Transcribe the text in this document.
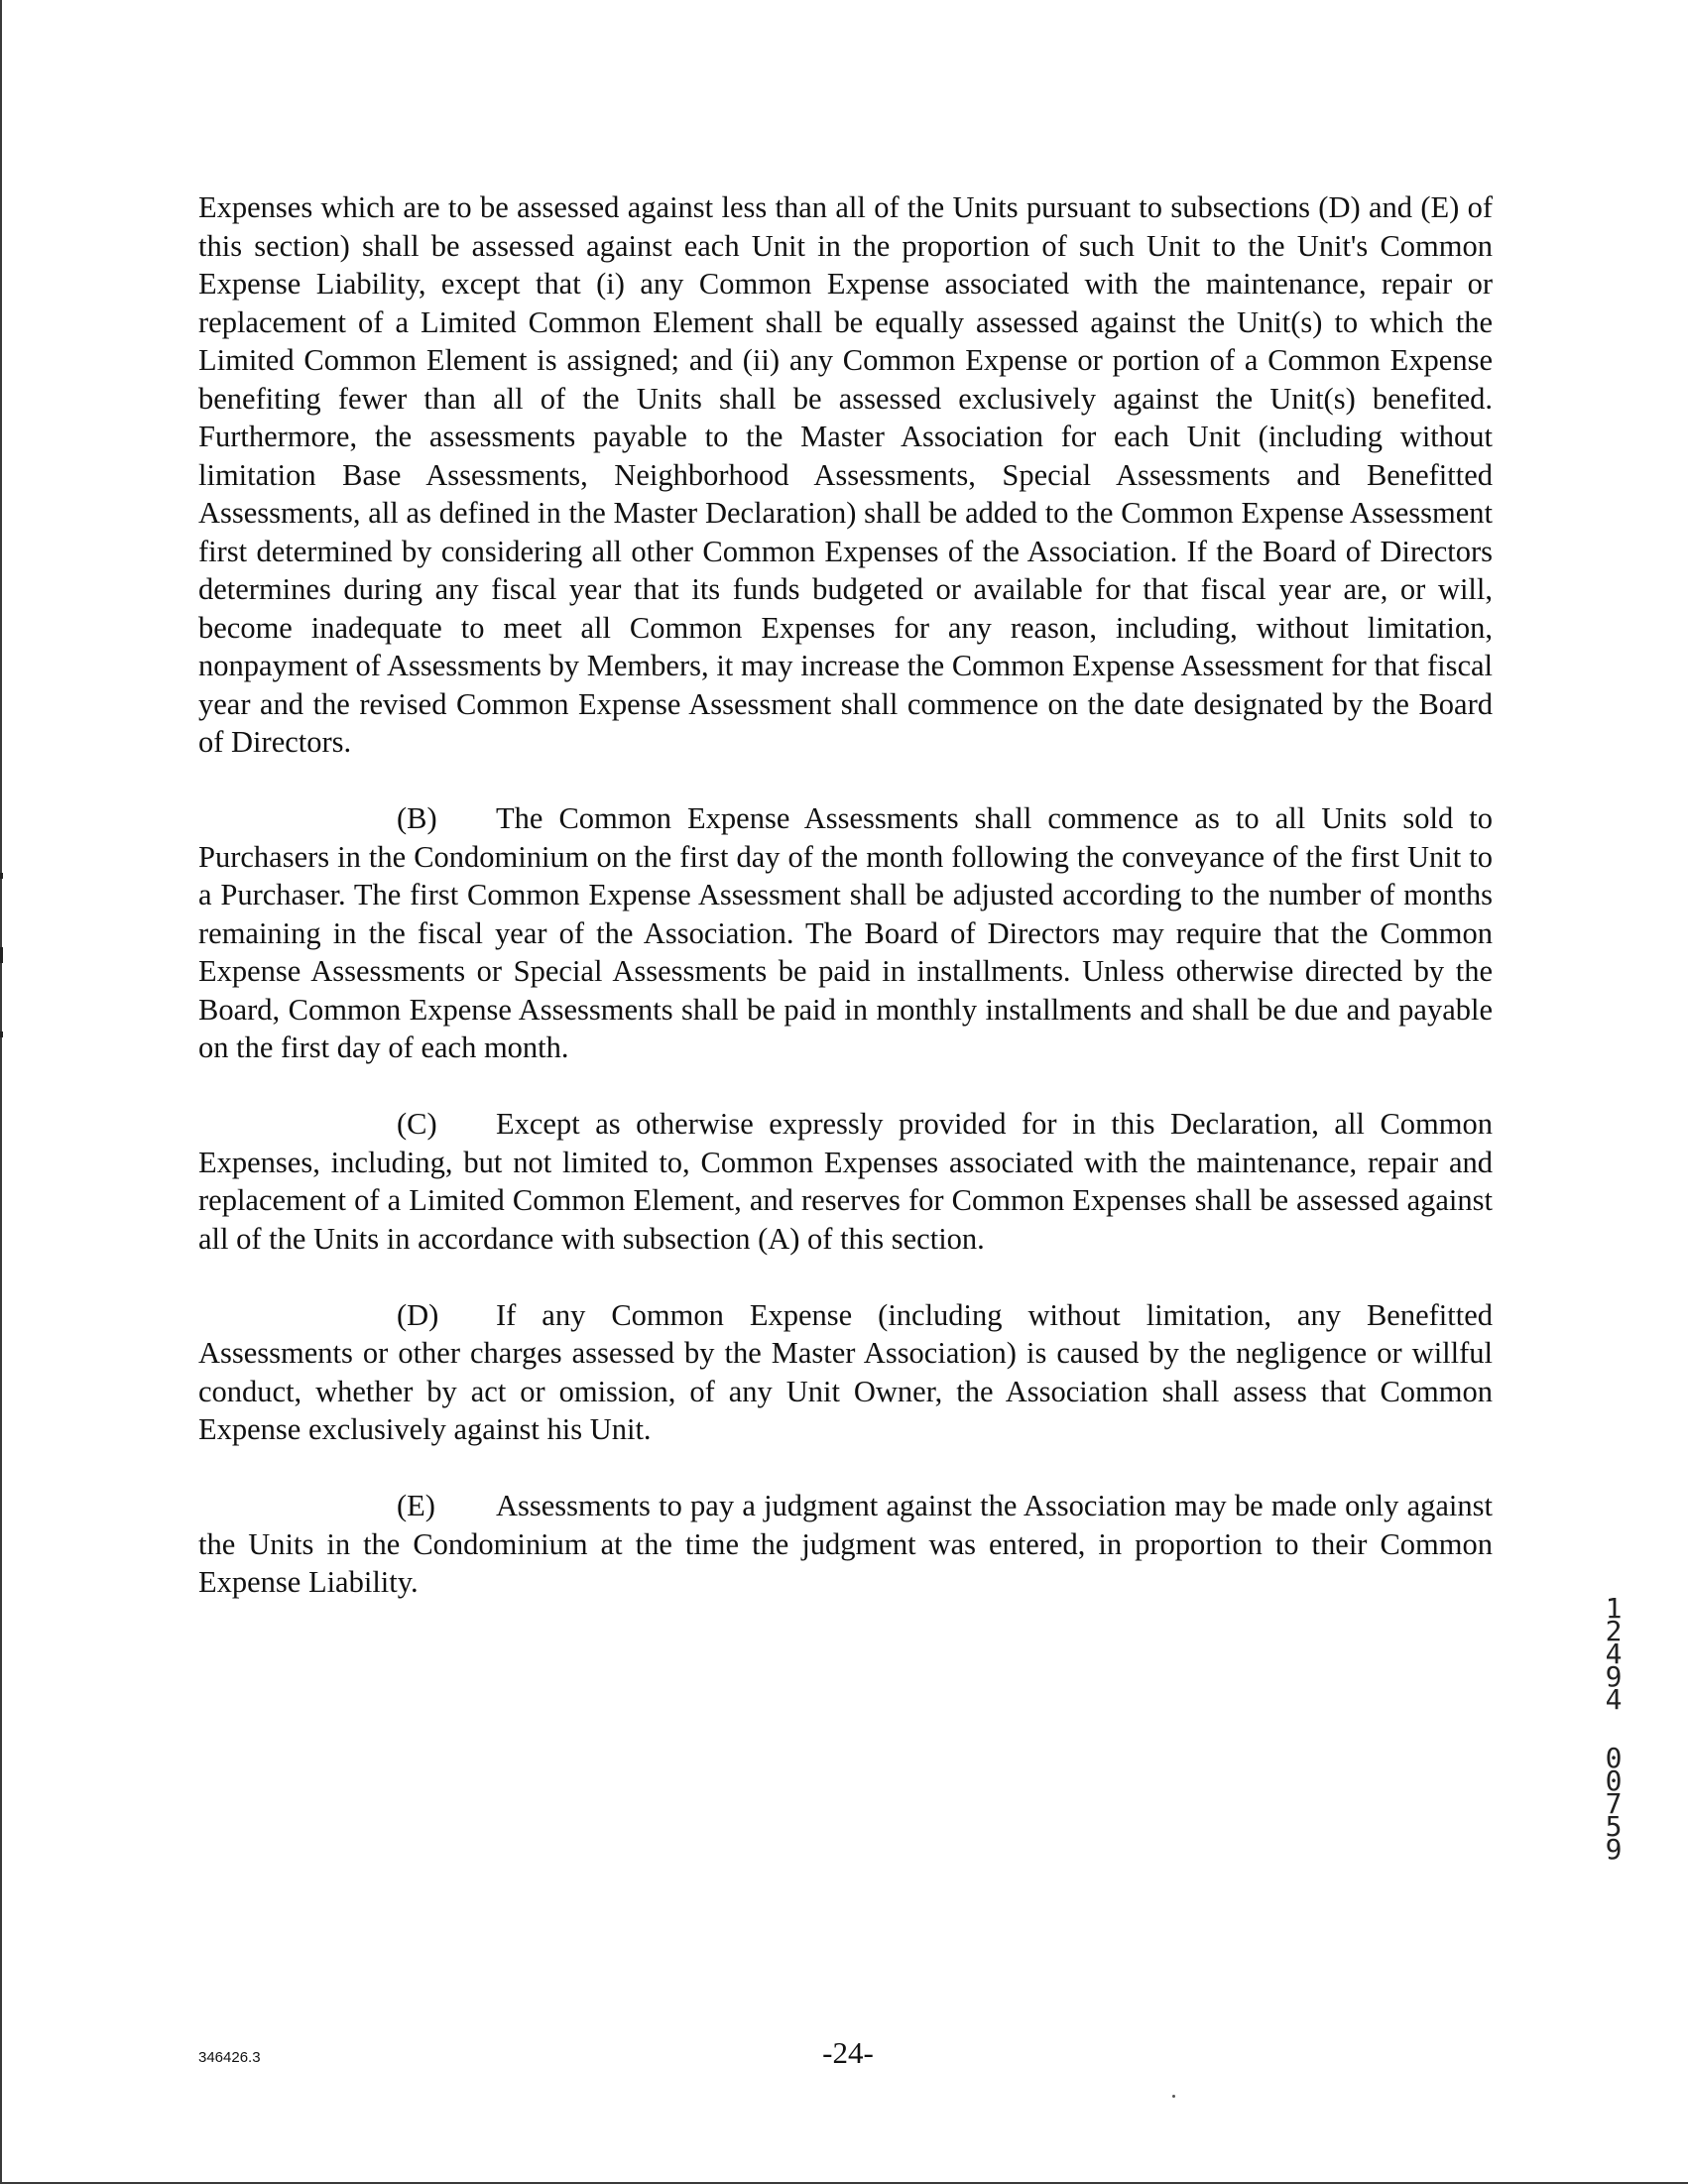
Expenses which are to be assessed against less than all of the Units pursuant to subsections (D) and (E) of this section) shall be assessed against each Unit in the proportion of such Unit to the Unit's Common Expense Liability, except that (i) any Common Expense associated with the maintenance, repair or replacement of a Limited Common Element shall be equally assessed against the Unit(s) to which the Limited Common Element is assigned; and (ii) any Common Expense or portion of a Common Expense benefiting fewer than all of the Units shall be assessed exclusively against the Unit(s) benefited. Furthermore, the assessments payable to the Master Association for each Unit (including without limitation Base Assessments, Neighborhood Assessments, Special Assessments and Benefitted Assessments, all as defined in the Master Declaration) shall be added to the Common Expense Assessment first determined by considering all other Common Expenses of the Association. If the Board of Directors determines during any fiscal year that its funds budgeted or available for that fiscal year are, or will, become inadequate to meet all Common Expenses for any reason, including, without limitation, nonpayment of Assessments by Members, it may increase the Common Expense Assessment for that fiscal year and the revised Common Expense Assessment shall commence on the date designated by the Board of Directors.

(B) The Common Expense Assessments shall commence as to all Units sold to Purchasers in the Condominium on the first day of the month following the conveyance of the first Unit to a Purchaser. The first Common Expense Assessment shall be adjusted according to the number of months remaining in the fiscal year of the Association. The Board of Directors may require that the Common Expense Assessments or Special Assessments be paid in installments. Unless otherwise directed by the Board, Common Expense Assessments shall be paid in monthly installments and shall be due and payable on the first day of each month.

(C) Except as otherwise expressly provided for in this Declaration, all Common Expenses, including, but not limited to, Common Expenses associated with the maintenance, repair and replacement of a Limited Common Element, and reserves for Common Expenses shall be assessed against all of the Units in accordance with subsection (A) of this section.

(D) If any Common Expense (including without limitation, any Benefitted Assessments or other charges assessed by the Master Association) is caused by the negligence or willful conduct, whether by act or omission, of any Unit Owner, the Association shall assess that Common Expense exclusively against his Unit.

(E) Assessments to pay a judgment against the Association may be made only against the Units in the Condominium at the time the judgment was entered, in proportion to their Common Expense Liability.

1
2
4
9
4
0
0
7
5
9
346426.3	-24-
